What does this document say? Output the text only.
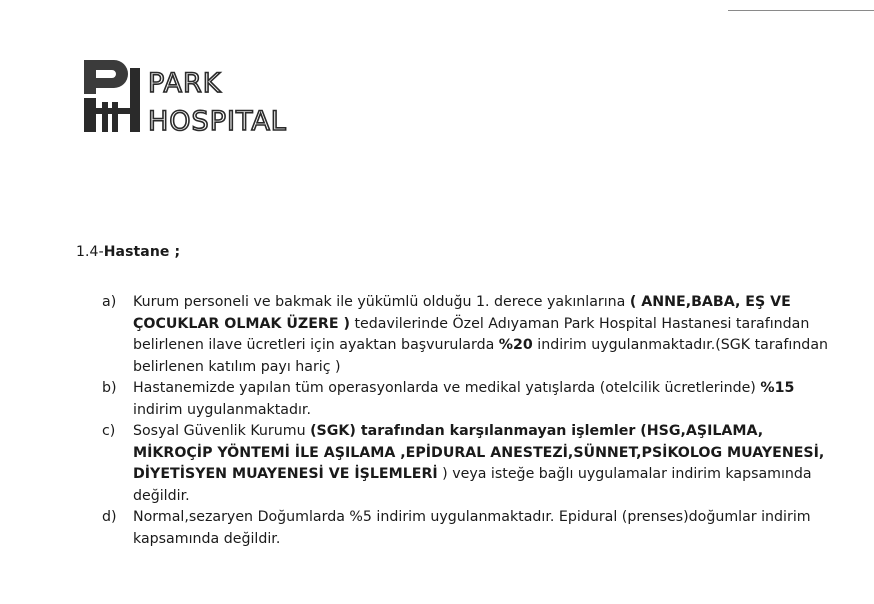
PARK
HOSPITAL
1.4-Hastane ;
a)	Kurum personeli ve bakmak ile yükümlü olduğu 1. derece yakınlarına ( ANNE,BABA, EŞ VE ÇOCUKLAR OLMAK ÜZERE ) tedavilerinde Özel Adıyaman Park Hospital Hastanesi tarafından belirlenen ilave ücretleri için ayaktan başvurularda %20 indirim uygulanmaktadır.(SGK tarafından belirlenen katılım payı hariç )
b)	Hastanemizde yapılan tüm operasyonlarda ve medikal yatışlarda (otelcilik ücretlerinde) %15 indirim uygulanmaktadır.
c)	Sosyal Güvenlik Kurumu (SGK) tarafından karşılanmayan işlemler (HSG,AŞILAMA, MİKROÇİP YÖNTEMİ İLE AŞILAMA ,EPİDURAL ANESTEZİ,SÜNNET,PSİKOLOG MUAYENESİ, DİYETİSYEN MUAYENESİ VE İŞLEMLERİ ) veya isteğe bağlı uygulamalar indirim kapsamında değildir.
d)	Normal,sezaryen Doğumlarda %5 indirim uygulanmaktadır. Epidural (prenses)doğumlar indirim kapsamında değildir.
